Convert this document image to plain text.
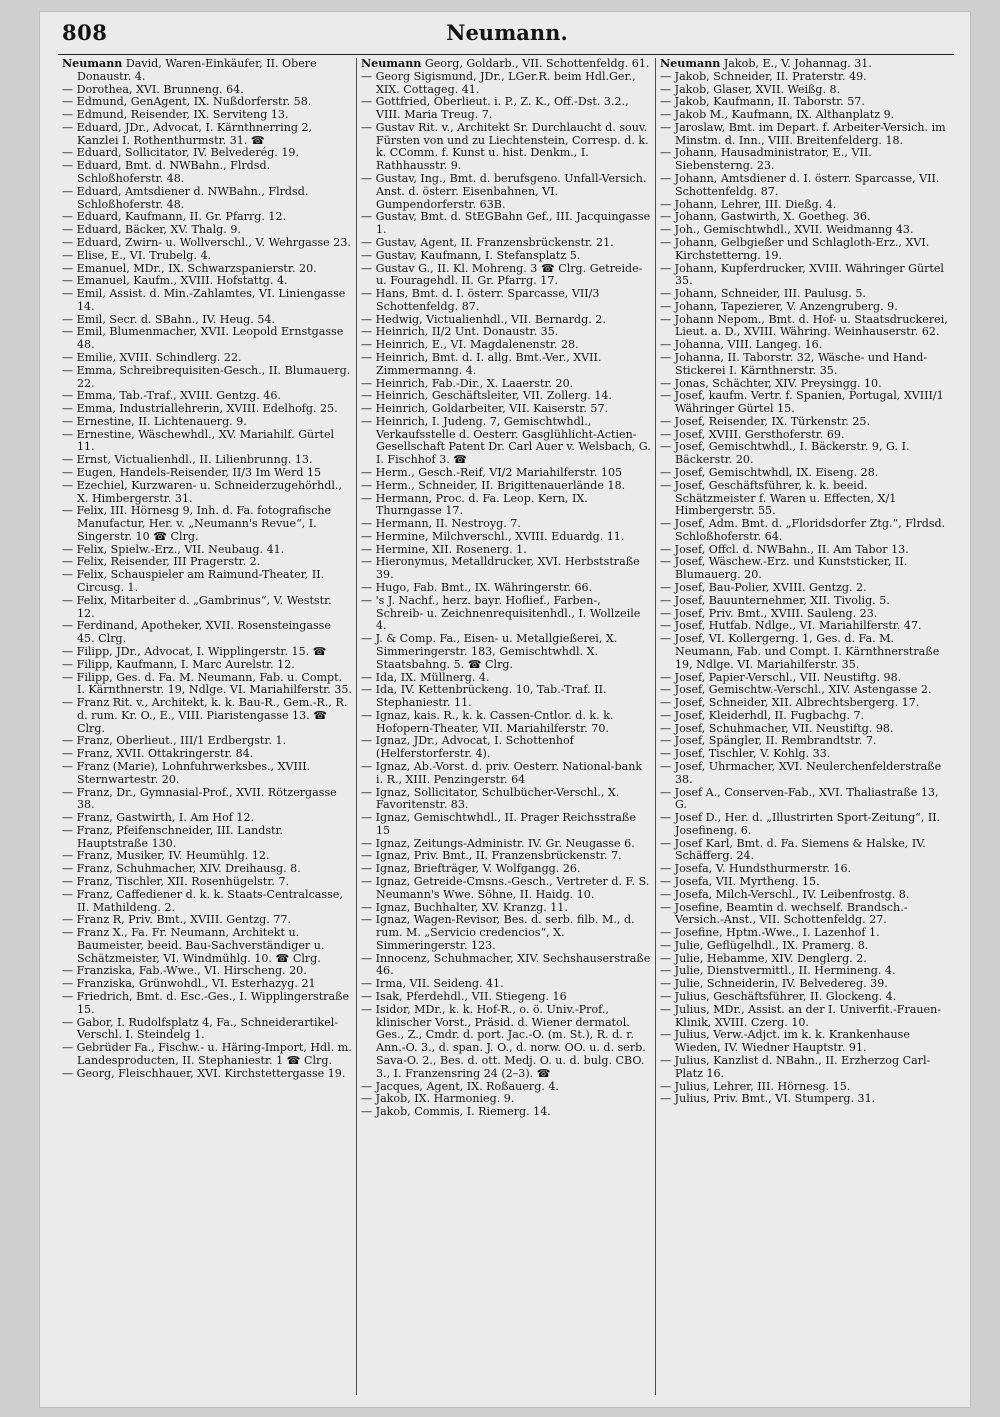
808	Neumann.

Neumann David, Waren-Einkäufer, II. Obere Donaustr. 4.

— Dorothea, XVI. Brunneng. 64.

— Edmund, GenAgent, IX. Nußdorferstr. 58.

— Edmund, Reisender, IX. Serviteng 13.

— Eduard, JDr., Advocat, I. Kärnthnerring 2, Kanzlei I. Rothenthurmstr. 31. ☎

— Eduard, Sollicitator, IV. Belvederég. 19.

— Eduard, Bmt. d. NWBahn., Flrdsd. Schloßhoferstr. 48.

— Eduard, Amtsdiener d. NWBahn., Flrdsd. Schloßhoferstr. 48.

— Eduard, Kaufmann, II. Gr. Pfarrg. 12.

— Eduard, Bäcker, XV. Thalg. 9.

— Eduard, Zwirn- u. Wollverschl., V. Wehrgasse 23.

— Elise, E., VI. Trubelg. 4.

— Emanuel, MDr., IX. Schwarzspanierstr. 20.

— Emanuel, Kaufm., XVIII. Hofstattg. 4.

— Emil, Assist. d. Min.-Zahlamtes, VI. Liniengasse 14.

— Emil, Secr. d. SBahn., IV. Heug. 54.

— Emil, Blumenmacher, XVII. Leopold Ernstgasse 48.

— Emilie, XVIII. Schindlerg. 22.

— Emma, Schreibrequisiten-Gesch., II. Blumauerg. 22.

— Emma, Tab.-Traf., XVIII. Gentzg. 46.

— Emma, Industriallehrerin, XVIII. Edelhofg. 25.

— Ernestine, II. Lichtenauerg. 9.

— Ernestine, Wäschewhdl., XV. Mariahilf. Gürtel 11.

— Ernst, Victualienhdl., II. Lilienbrunng. 13.

— Eugen, Handels-Reisender, II/3 Im Werd 15

— Ezechiel, Kurzwaren- u. Schneiderzugehörhdl., X. Himbergerstr. 31.

— Felix, III. Hörnesg 9, Inh. d. Fa. fotografische Manufactur, Her. v. „Neumann's Revue“, I. Singerstr. 10 ☎ Clrg.

— Felix, Spielw.-Erz., VII. Neubaug. 41.

— Felix, Reisender, III Pragerstr. 2.

— Felix, Schauspieler am Raimund-Theater, II. Circusg. 1.

— Felix, Mitarbeiter d. „Gambrinus“, V. Weststr. 12.

— Ferdinand, Apotheker, XVII. Rosensteingasse 45. Clrg.

— Filipp, JDr., Advocat, I. Wipplingerstr. 15. ☎

— Filipp, Kaufmann, I. Marc Aurelstr. 12.

— Filipp, Ges. d. Fa. M. Neumann, Fab. u. Compt. I. Kärnthnerstr. 19, Ndlge. VI. Mariahilferstr. 35.

— Franz Rit. v., Architekt, k. k. Bau-R., Gem.-R., R. d. rum. Kr. O., E., VIII. Piaristengasse 13. ☎ Clrg.

— Franz, Oberlieut., III/1 Erdbergstr. 1.

— Franz, XVII. Ottakringerstr. 84.

— Franz (Marie), Lohnfuhrwerksbes., XVIII. Sternwartestr. 20.

— Franz, Dr., Gymnasial-Prof., XVII. Rötzergasse 38.

— Franz, Gastwirth, I. Am Hof 12.

— Franz, Pfeifenschneider, III. Landstr. Hauptstraße 130.

— Franz, Musiker, IV. Heumühlg. 12.

— Franz, Schuhmacher, XIV. Dreihausg. 8.

— Franz, Tischler, XII. Rosenhügelstr. 7.

— Franz, Caffediener d. k. k. Staats-Centralcasse, II. Mathildeng. 2.

— Franz R, Priv. Bmt., XVIII. Gentzg. 77.

— Franz X., Fa. Fr. Neumann, Architekt u. Baumeister, beeid. Bau-Sachverständiger u. Schätzmeister, VI. Windmühlg. 10. ☎ Clrg.

— Franziska, Fab.-Wwe., VI. Hirscheng. 20.

— Franziska, Grünwohdl., VI. Esterhazyg. 21

— Friedrich, Bmt. d. Esc.-Ges., I. Wipplingerstraße 15.

— Gabor, I. Rudolfsplatz 4, Fa., Schneiderartikel-Verschl. I. Steindelg 1.

— Gebrüder Fa., Fischw.- u. Häring-Import, Hdl. m. Landesproducten, II. Stephaniestr. 1 ☎ Clrg.

— Georg, Fleischhauer, XVI. Kirchstettergasse 19.

Neumann Georg, Goldarb., VII. Schottenfeldg. 61.

— Georg Sigismund, JDr., LGer.R. beim Hdl.Ger., XIX. Cottageg. 41.

— Gottfried, Oberlieut. i. P., Z. K., Off.-Dst. 3.2., VIII. Maria Treug. 7.

— Gustav Rit. v., Architekt Sr. Durchlaucht d. souv. Fürsten von und zu Liechtenstein, Corresp. d. k. k. CComm. f. Kunst u. hist. Denkm., I. Rathhausstr. 9.

— Gustav, Ing., Bmt. d. berufsgeno. Unfall-Versich. Anst. d. österr. Eisenbahnen, VI. Gumpendorferstr. 63B.

— Gustav, Bmt. d. StEGBahn Gef., III. Jacquingasse 1.

— Gustav, Agent, II. Franzensbrückenstr. 21.

— Gustav, Kaufmann, I. Stefansplatz 5.

— Gustav G., II. Kl. Mohreng. 3 ☎ Clrg. Getreide- u. Fouragehdl. II. Gr. Pfarrg. 17.

— Hans, Bmt. d. I. österr. Sparcasse, VII/3 Schottenfeldg. 87.

— Hedwig, Victualienhdl., VII. Bernardg. 2.

— Heinrich, II/2 Unt. Donaustr. 35.

— Heinrich, E., VI. Magdalenenstr. 28.

— Heinrich, Bmt. d. I. allg. Bmt.-Ver., XVII. Zimmermanng. 4.

— Heinrich, Fab.-Dir., X. Laaerstr. 20.

— Heinrich, Geschäftsleiter, VII. Zollerg. 14.

— Heinrich, Goldarbeiter, VII. Kaiserstr. 57.

— Heinrich, I. Judeng. 7, Gemischtwhdl., Verkaufsstelle d. Oesterr. Gasglühlicht-Actien-Gesellschaft Patent Dr. Carl Auer v. Welsbach, G. I. Fischhof 3. ☎

— Herm., Gesch.-Reif, VI/2 Mariahilferstr. 105

— Herm., Schneider, II. Brigittenauerlände 18.

— Hermann, Proc. d. Fa. Leop. Kern, IX. Thurngasse 17.

— Hermann, II. Nestroyg. 7.

— Hermine, Milchverschl., XVIII. Eduardg. 11.

— Hermine, XII. Rosenerg. 1.

— Hieronymus, Metalldrucker, XVI. Herbststraße 39.

— Hugo, Fab. Bmt., IX. Währingerstr. 66.

— 's J. Nachf., herz. bayr. Hoflief., Farben-, Schreib- u. Zeichnenrequisitenhdl., I. Wollzeile 4.

— J. & Comp. Fa., Eisen- u. Metallgießerei, X. Simmeringerstr. 183, Gemischtwhdl. X. Staatsbahng. 5. ☎ Clrg.

— Ida, IX. Müllnerg. 4.

— Ida, IV. Kettenbrückeng. 10, Tab.-Traf. II. Stephaniestr. 11.

— Ignaz, kais. R., k. k. Cassen-Cntlor. d. k. k. Hofopern-Theater, VII. Mariahilferstr. 70.

— Ignaz, JDr., Advocat, I. Schottenhof (Helferstorferstr. 4).

— Ignaz, Ab.-Vorst. d. priv. Oesterr. National-bank i. R., XIII. Penzingerstr. 64

— Ignaz, Sollicitator, Schulbücher-Verschl., X. Favoritenstr. 83.

— Ignaz, Gemischtwhdl., II. Prager Reichsstraße 15

— Ignaz, Zeitungs-Administr. IV. Gr. Neugasse 6.

— Ignaz, Priv. Bmt., II. Franzensbrückenstr. 7.

— Ignaz, Briefträger, V. Wolfgangg. 26.

— Ignaz, Getreide-Cmsns.-Gesch., Vertreter d. F. S. Neumann's Wwe. Söhne, II. Haidg. 10.

— Ignaz, Buchhalter, XV. Kranzg. 11.

— Ignaz, Wagen-Revisor, Bes. d. serb. filb. M., d. rum. M. „Servicio credencios“, X. Simmeringerstr. 123.

— Innocenz, Schuhmacher, XIV. Sechshauserstraße 46.

— Irma, VII. Seideng. 41.

— Isak, Pferdehdl., VII. Stiegeng. 16

— Isidor, MDr., k. k. Hof-R., o. ö. Univ.-Prof., klinischer Vorst., Präsid. d. Wiener dermatol. Ges., Z., Cmdr. d. port. Jac.-O. (m. St.), R. d. r. Ann.-O. 3., d. span. J. O., d. norw. OO. u. d. serb. Sava-O. 2., Bes. d. ott. Medj. O. u. d. bulg. CBO. 3., I. Franzensring 24 (2–3). ☎

— Jacques, Agent, IX. Roßauerg. 4.

— Jakob, IX. Harmonieg. 9.

— Jakob, Commis, I. Riemerg. 14.

Neumann Jakob, E., V. Johannag. 31.

— Jakob, Schneider, II. Praterstr. 49.

— Jakob, Glaser, XVII. Weißg. 8.

— Jakob, Kaufmann, II. Taborstr. 57.

— Jakob M., Kaufmann, IX. Althanplatz 9.

— Jaroslaw, Bmt. im Depart. f. Arbeiter-Versich. im Minstm. d. Inn., VIII. Breitenfelderg. 18.

— Johann, Hausadministrator, E., VII. Siebensterng. 23.

— Johann, Amtsdiener d. I. österr. Sparcasse, VII. Schottenfeldg. 87.

— Johann, Lehrer, III. Dießg. 4.

— Johann, Gastwirth, X. Goetheg. 36.

— Joh., Gemischtwhdl., XVII. Weidmanng 43.

— Johann, Gelbgießer und Schlagloth-Erz., XVI. Kirchstetterng. 19.

— Johann, Kupferdrucker, XVIII. Währinger Gürtel 35.

— Johann, Schneider, III. Paulusg. 5.

— Johann, Tapezierer, V. Anzengruberg. 9.

— Johann Nepom., Bmt. d. Hof- u. Staatsdruckerei, Lieut. a. D., XVIII. Währing. Weinhauserstr. 62.

— Johanna, VIII. Langeg. 16.

— Johanna, II. Taborstr. 32, Wäsche- und Hand-Stickerei I. Kärnthnerstr. 35.

— Jonas, Schächter, XIV. Preysingg. 10.

— Josef, kaufm. Vertr. f. Spanien, Portugal, XVIII/1 Währinger Gürtel 15.

— Josef, Reisender, IX. Türkenstr. 25.

— Josef, XVIII. Gersthoferstr. 69.

— Josef, Gemischtwhdl., I. Bäckerstr. 9, G. I. Bäckerstr. 20.

— Josef, Gemischtwhdl, IX. Eiseng. 28.

— Josef, Geschäftsführer, k. k. beeid. Schätzmeister f. Waren u. Effecten, X/1 Himbergerstr. 55.

— Josef, Adm. Bmt. d. „Floridsdorfer Ztg.“, Flrdsd. Schloßhoferstr. 64.

— Josef, Offcl. d. NWBahn., II. Am Tabor 13.

— Josef, Wäschew.-Erz. und Kunststicker, II. Blumauerg. 20.

— Josef, Bau-Polier, XVIII. Gentzg. 2.

— Josef, Bauunternehmer, XII. Tivolig. 5.

— Josef, Priv. Bmt., XVIII. Sauleng. 23.

— Josef, Hutfab. Ndlge., VI. Mariahilferstr. 47.

— Josef, VI. Kollergerng. 1, Ges. d. Fa. M. Neumann, Fab. und Compt. I. Kärnthnerstraße 19, Ndlge. VI. Mariahilferstr. 35.

— Josef, Papier-Verschl., VII. Neustiftg. 98.

— Josef, Gemischtw.-Verschl., XIV. Astengasse 2.

— Josef, Schneider, XII. Albrechtsbergerg. 17.

— Josef, Kleiderhdl, II. Fugbachg. 7.

— Josef, Schuhmacher, VII. Neustiftg. 98.

— Josef, Spängler, II. Rembrandtstr. 7.

— Josef, Tischler, V. Kohlg. 33.

— Josef, Uhrmacher, XVI. Neulerchenfelderstraße 38.

— Josef A., Conserven-Fab., XVI. Thaliastraße 13, G.

— Josef D., Her. d. „Illustrirten Sport-Zeitung“, II. Josefineng. 6.

— Josef Karl, Bmt. d. Fa. Siemens & Halske, IV. Schäfferg. 24.

— Josefa, V. Hundsthurmerstr. 16.

— Josefa, VII. Myrtheng. 15.

— Josefa, Milch-Verschl., IV. Leibenfrostg. 8.

— Josefine, Beamtin d. wechself. Brandsch.-Versich.-Anst., VII. Schottenfeldg. 27.

— Josefine, Hptm.-Wwe., I. Lazenhof 1.

— Julie, Geflügelhdl., IX. Pramerg. 8.

— Julie, Hebamme, XIV. Denglerg. 2.

— Julie, Dienstvermittl., II. Hermineng. 4.

— Julie, Schneiderin, IV. Belvedereg. 39.

— Julius, Geschäftsführer, II. Glockeng. 4.

— Julius, MDr., Assist. an der I. Univerfit.-Frauen-Klinik, XVIII. Czerg. 10.

— Julius, Verw.-Adjct. im k. k. Krankenhause Wieden, IV. Wiedner Hauptstr. 91.

— Julius, Kanzlist d. NBahn., II. Erzherzog Carl-Platz 16.

— Julius, Lehrer, III. Hörnesg. 15.

— Julius, Priv. Bmt., VI. Stumperg. 31.
